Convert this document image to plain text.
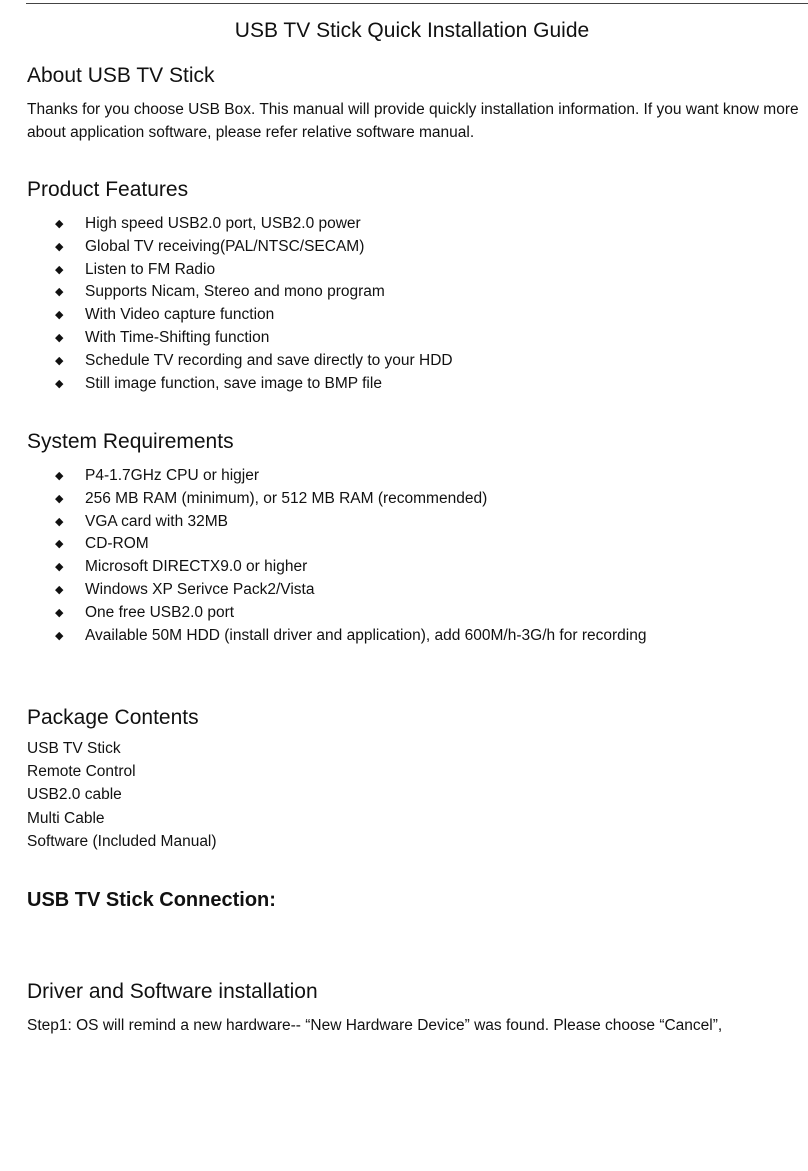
USB TV Stick Quick Installation Guide
About USB TV Stick

Thanks for you choose USB Box. This manual will provide quickly installation information. If you want know more

about application software, please refer relative software manual.

Product Features
◆ High speed USB2.0 port, USB2.0 power
◆ Global TV receiving(PAL/NTSC/SECAM)
◆ Listen to FM Radio
◆ Supports Nicam, Stereo and mono program
◆ With Video capture function
◆ With Time-Shifting function
◆ Schedule TV recording and save directly to your HDD
◆ Still image function, save image to BMP file
System Requirements
◆ P4-1.7GHz CPU or higjer
◆ 256 MB RAM (minimum), or 512 MB RAM (recommended)
◆ VGA card with 32MB
◆ CD-ROM
◆ Microsoft DIRECTX9.0 or higher
◆ Windows XP Serivce Pack2/Vista
◆ One free USB2.0 port
◆ Available 50M HDD (install driver and application), add 600M/h-3G/h for recording
Package Contents
USB TV Stick
Remote Control
USB2.0 cable
Multi Cable
Software (Included Manual)
USB TV Stick Connection:
Driver and Software installation

Step1: OS will remind a new hardware-- “New Hardware Device” was found. Please choose “Cancel”,
